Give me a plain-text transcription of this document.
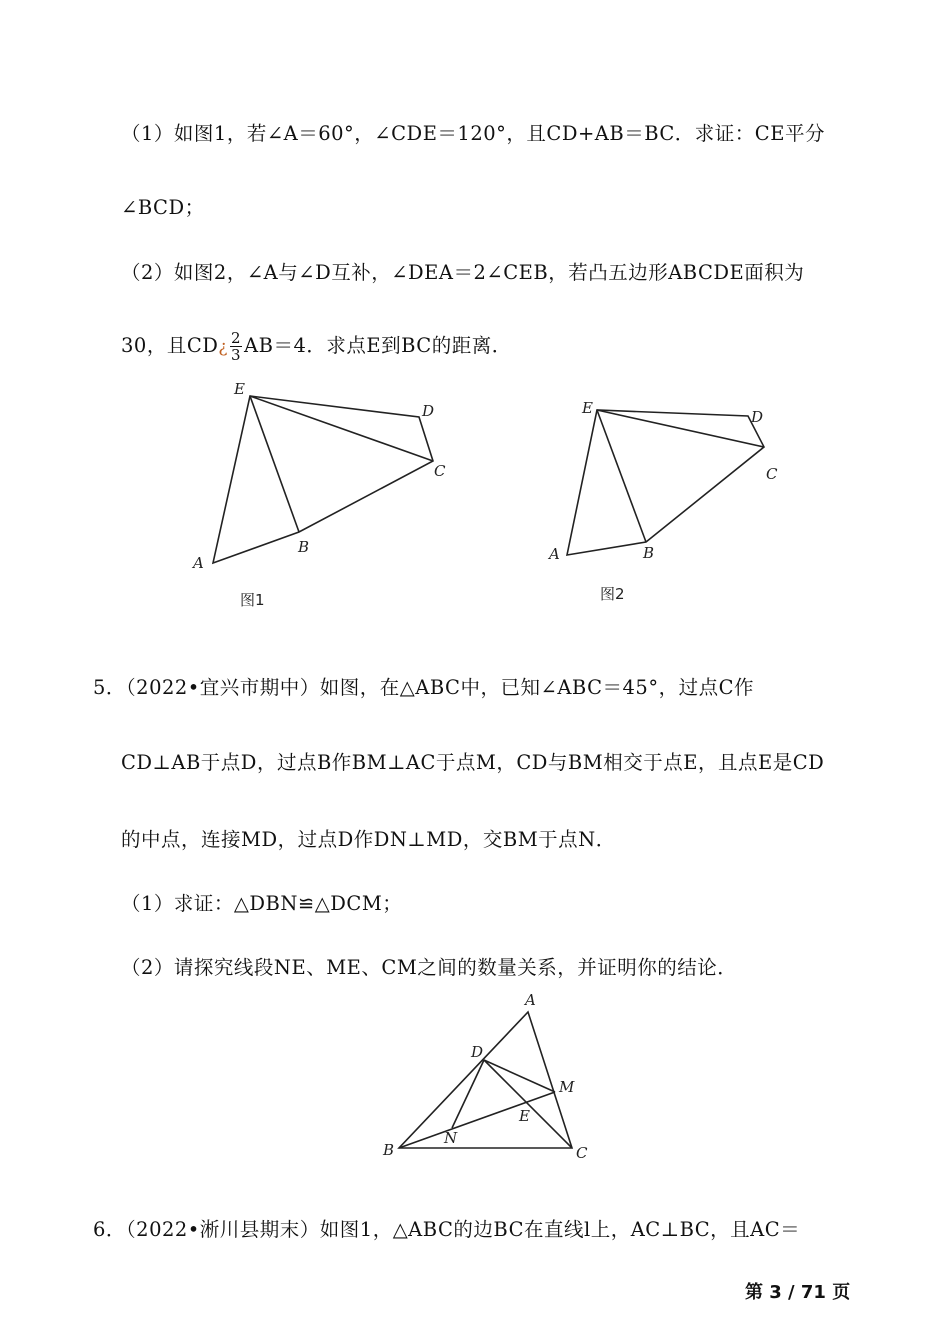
（1）如图1，若∠A＝60°，∠CDE＝120°，且CD+AB＝BC．求证：CE平分
∠BCD；
（2）如图2，∠A与∠D互补，∠DEA＝2∠CEB，若凸五边形ABCDE面积为
30，且CD¿ $\frac{2}{3} AB=4$．求点E到BC的距离．
E
D
C
B
A
图1
E	D
C
B
A
图2
5．（2022•宜兴市期中）如图，在△ABC中，已知∠ABC＝45°，过点C作
CD⊥AB于点D，过点B作BM⊥AC于点M，CD与BM相交于点E，且点E是CD
的中点，连接MD，过点D作DN⊥MD，交BM于点N．
（1）求证：△DBN≌△DCM；
（2）请探究线段NE、ME、CM之间的数量关系，并证明你的结论．
A
D
M
E
N
B	C
6．（2022•淅川县期末）如图1，△ABC的边BC在直线l上，AC⊥BC，且AC＝
第 3 / 71 页
